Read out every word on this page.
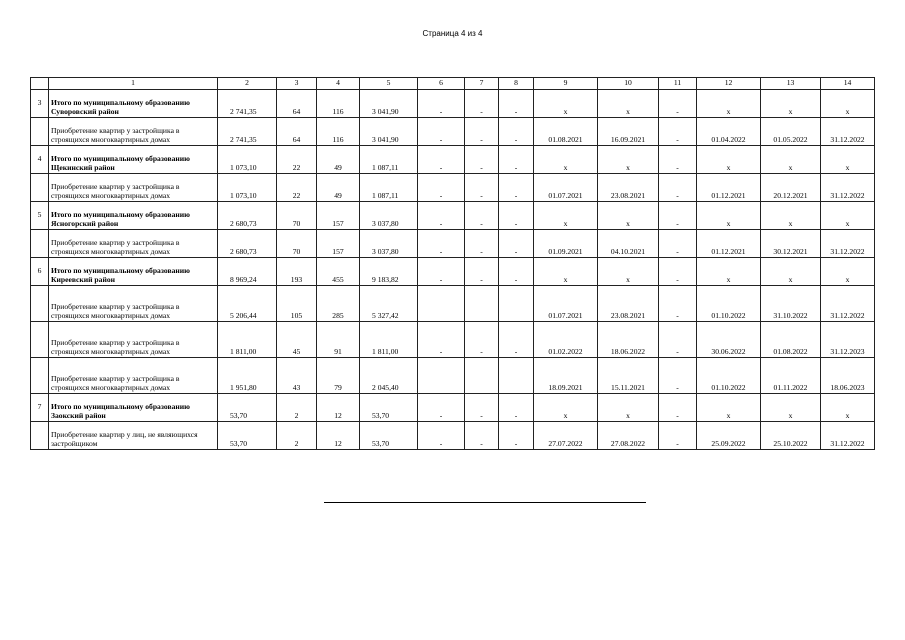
Страница 4 из 4
	1	2	3	4	5	6	7	8	9	10	11	12	13	14
3	Итого по муниципальному образованию Суворовский район	2 741,35	64	116	3 041,90	-	-	-	x	x	-	x	x	x
	Приобретение квартир у застройщика в строящихся многоквартирных домах	2 741,35	64	116	3 041,90	-	-	-	01.08.2021	16.09.2021	-	01.04.2022	01.05.2022	31.12.2022
4	Итого по муниципальному образованию Щекинский район	1 073,10	22	49	1 087,11	-	-	-	x	x	-	x	x	x
	Приобретение квартир у застройщика в строящихся многоквартирных домах	1 073,10	22	49	1 087,11	-	-	-	01.07.2021	23.08.2021	-	01.12.2021	20.12.2021	31.12.2022
5	Итого по муниципальному образованию Ясногорский район	2 680,73	70	157	3 037,80	-	-	-	x	x	-	x	x	x
	Приобретение квартир у застройщика в строящихся многоквартирных домах	2 680,73	70	157	3 037,80	-	-	-	01.09.2021	04.10.2021	-	01.12.2021	30.12.2021	31.12.2022
6	Итого по муниципальному образованию Киреевский район	8 969,24	193	455	9 183,82	-	-	-	x	x	-	x	x	x
	Приобретение квартир у застройщика в строящихся многоквартирных домах	5 206,44	105	285	5 327,42				01.07.2021	23.08.2021	-	01.10.2022	31.10.2022	31.12.2022
	Приобретение квартир у застройщика в строящихся многоквартирных домах	1 811,00	45	91	1 811,00	-	-	-	01.02.2022	18.06.2022	-	30.06.2022	01.08.2022	31.12.2023
	Приобретение квартир у застройщика в строящихся многоквартирных домах	1 951,80	43	79	2 045,40				18.09.2021	15.11.2021	-	01.10.2022	01.11.2022	18.06.2023
7	Итого по муниципальному образованию Заокский район	53,70	2	12	53,70	-	-	-	x	x	-	x	x	x
	Приобретение квартир у лиц, не являющихся застройщиком	53,70	2	12	53,70	-	-	-	27.07.2022	27.08.2022	-	25.09.2022	25.10.2022	31.12.2022
